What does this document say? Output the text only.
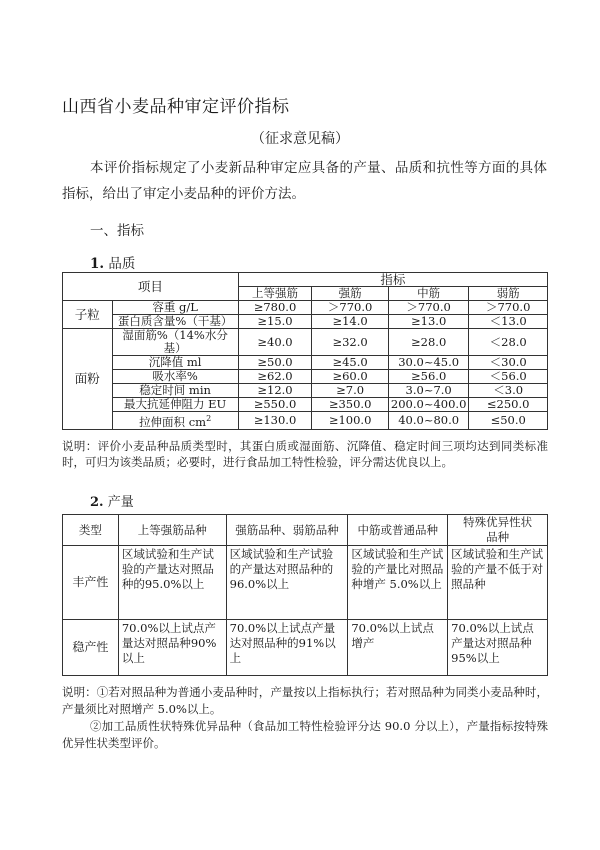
山西省小麦品种审定评价指标
（征求意见稿）
本评价指标规定了小麦新品种审定应具备的产量、品质和抗性等方面的具体指标，给出了审定小麦品种的评价方法。
一、指标
1. 品质
项目		指标			
		上等强筋	强筋	中筋	弱筋
子粒	容重 g/L	≥780.0	＞770.0	＞770.0	＞770.0
	蛋白质含量%（干基）	≥15.0	≥14.0	≥13.0	＜13.0
面粉	湿面筋%（14%水分基）	≥40.0	≥32.0	≥28.0	＜28.0
	沉降值 ml	≥50.0	≥45.0	30.0~45.0	＜30.0
	吸水率%	≥62.0	≥60.0	≥56.0	＜56.0
	稳定时间 min	≥12.0	≥7.0	3.0~7.0	＜3.0
	最大抗延伸阻力 EU	≥550.0	≥350.0	200.0~400.0	≤250.0
	拉伸面积 $cm^2$	≥130.0	≥100.0	40.0~80.0	≤50.0
说明：评价小麦品种品质类型时，其蛋白质或湿面筋、沉降值、稳定时间三项均达到同类标准时，可归为该类品质；必要时，进行食品加工特性检验，评分需达优良以上。
2. 产量
类型	上等强筋品种	强筋品种、弱筋品种	中筋或普通品种	特殊优异性状品种
丰产性	区域试验和生产试验的产量达对照品种的95.0%以上	区域试验和生产试验的产量达对照品种的96.0%以上	区域试验和生产试验的产量比对照品种增产 5.0%以上	区域试验和生产试验的产量不低于对照品种
稳产性	70.0%以上试点产量达对照品种90%以上	70.0%以上试点产量达对照品种的91%以上	70.0%以上试点增产	70.0%以上试点产量达对照品种 95%以上
说明：①若对照品种为普通小麦品种时，产量按以上指标执行；若对照品种为同类小麦品种时，产量须比对照增产 5.0%以上。
②加工品质性状特殊优异品种（食品加工特性检验评分达 90.0 分以上），产量指标按特殊优异性状类型评价。
